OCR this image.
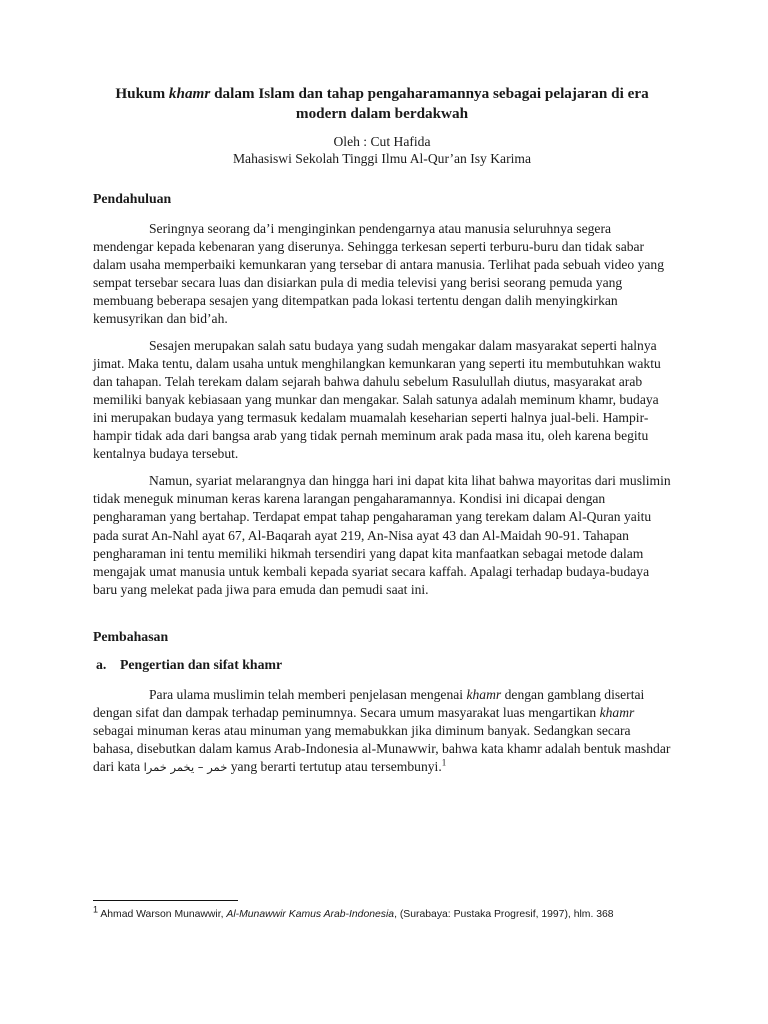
Hukum khamr dalam Islam dan tahap pengaharamannya sebagai pelajaran di era modern dalam berdakwah
Oleh : Cut Hafida
Mahasiswi Sekolah Tinggi Ilmu Al-Qur’an Isy Karima
Pendahuluan

Seringnya seorang da’i menginginkan pendengarnya atau manusia seluruhnya segera mendengar kepada kebenaran yang diserunya. Sehingga terkesan seperti terburu-buru dan tidak sabar dalam usaha memperbaiki kemunkaran yang tersebar di antara manusia. Terlihat pada sebuah video yang sempat tersebar secara luas dan disiarkan pula di media televisi yang berisi seorang pemuda yang membuang beberapa sesajen yang ditempatkan pada lokasi tertentu dengan dalih menyingkirkan kemusyrikan dan bid’ah.

Sesajen merupakan salah satu budaya yang sudah mengakar dalam masyarakat seperti halnya jimat. Maka tentu, dalam usaha untuk menghilangkan kemunkaran yang seperti itu membutuhkan waktu dan tahapan. Telah terekam dalam sejarah bahwa dahulu sebelum Rasulullah diutus, masyarakat arab memiliki banyak kebiasaan yang munkar dan mengakar. Salah satunya adalah meminum khamr, budaya ini merupakan budaya yang termasuk kedalam muamalah keseharian seperti halnya jual-beli. Hampir-hampir tidak ada dari bangsa arab yang tidak pernah meminum arak pada masa itu, oleh karena begitu kentalnya budaya tersebut.

Namun, syariat melarangnya dan hingga hari ini dapat kita lihat bahwa mayoritas dari muslimin tidak meneguk minuman keras karena larangan pengaharamannya. Kondisi ini dicapai dengan pengharaman yang bertahap. Terdapat empat tahap pengaharaman yang terekam dalam Al-Quran yaitu pada surat An-Nahl ayat 67, Al-Baqarah ayat 219, An-Nisa ayat 43 dan Al-Maidah 90-91. Tahapan pengharaman ini tentu memiliki hikmah tersendiri yang dapat kita manfaatkan sebagai metode dalam mengajak umat manusia untuk kembali kepada syariat secara kaffah. Apalagi terhadap budaya-budaya baru yang melekat pada jiwa para emuda dan pemudi saat ini.

Pembahasan
a. Pengertian dan sifat khamr

Para ulama muslimin telah memberi penjelasan mengenai khamr dengan gamblang disertai dengan sifat dan dampak terhadap peminumnya. Secara umum masyarakat luas mengartikan khamr sebagai minuman keras atau minuman yang memabukkan jika diminum banyak. Sedangkan secara bahasa, disebutkan dalam kamus Arab-Indonesia al-Munawwir, bahwa kata khamr adalah bentuk mashdar dari kata خمر – يخمر خمرا yang berarti tertutup atau tersembunyi.$^1$

$^1$ Ahmad Warson Munawwir, Al-Munawwir Kamus Arab-Indonesia, (Surabaya: Pustaka Progresif, 1997), hlm. 368
